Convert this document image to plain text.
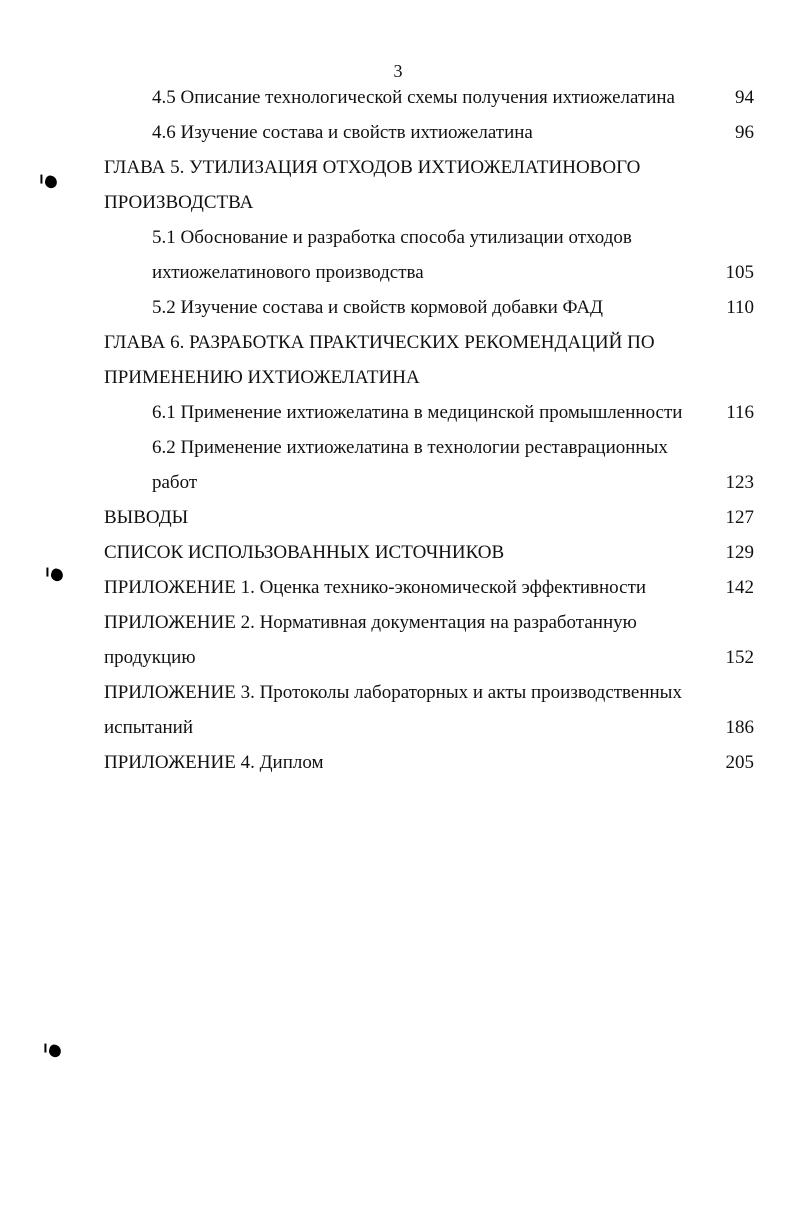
3
4.5 Описание технологической схемы получения ихтиожелатина	94
4.6 Изучение состава и свойств ихтиожелатина	96
ГЛАВА 5. УТИЛИЗАЦИЯ ОТХОДОВ ИХТИОЖЕЛАТИНОВОГО
ПРОИЗВОДСТВА
5.1 Обоснование и разработка способа утилизации отходов
ихтиожелатинового производства	105
5.2 Изучение состава и свойств кормовой добавки ФАД	110
ГЛАВА 6. РАЗРАБОТКА ПРАКТИЧЕСКИХ РЕКОМЕНДАЦИЙ ПО
ПРИМЕНЕНИЮ ИХТИОЖЕЛАТИНА
6.1 Применение ихтиожелатина в медицинской промышленности	116
6.2 Применение ихтиожелатина в технологии реставрационных
работ	123
ВЫВОДЫ	127
СПИСОК ИСПОЛЬЗОВАННЫХ ИСТОЧНИКОВ	129
ПРИЛОЖЕНИЕ 1. Оценка технико-экономической эффективности	142
ПРИЛОЖЕНИЕ 2. Нормативная документация на разработанную
продукцию	152
ПРИЛОЖЕНИЕ 3. Протоколы лабораторных и акты производственных
испытаний	186
ПРИЛОЖЕНИЕ 4. Диплом	205
